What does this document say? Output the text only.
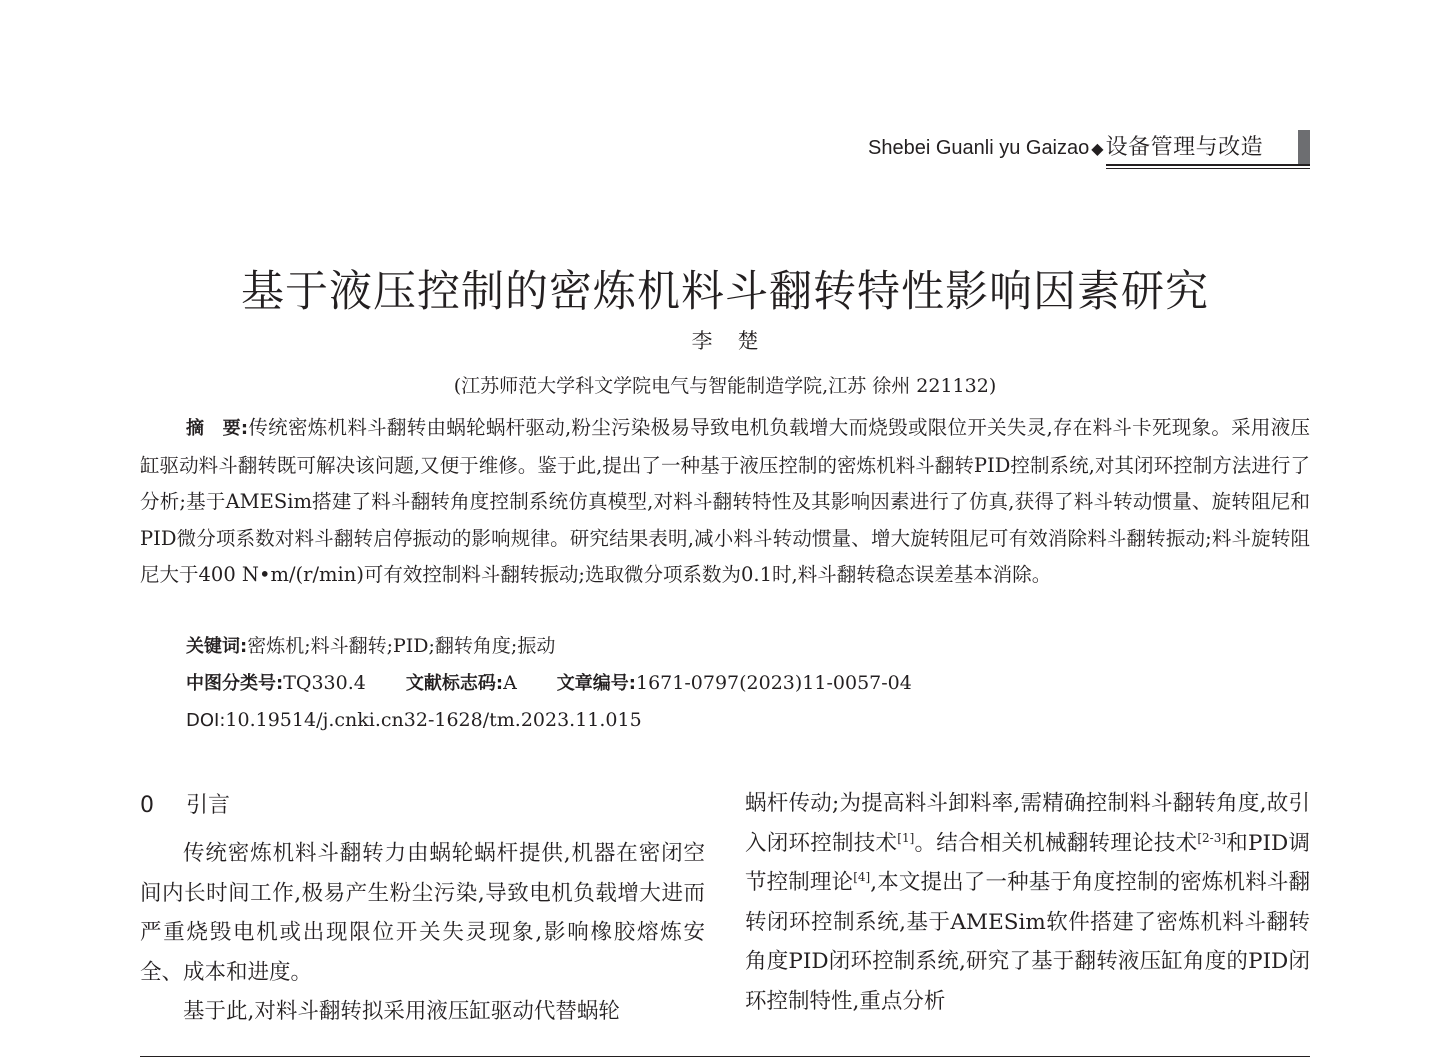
Shebei Guanli yu Gaizao ◆设备管理与改造
基于液压控制的密炼机料斗翻转特性影响因素研究
李楚
(江苏师范大学科文学院电气与智能制造学院,江苏 徐州 221132)
摘　要:传统密炼机料斗翻转由蜗轮蜗杆驱动,粉尘污染极易导致电机负载增大而烧毁或限位开关失灵,存在料斗卡死现象。采用液压缸驱动料斗翻转既可解决该问题,又便于维修。鉴于此,提出了一种基于液压控制的密炼机料斗翻转PID控制系统,对其闭环控制方法进行了分析;基于AMESim搭建了料斗翻转角度控制系统仿真模型,对料斗翻转特性及其影响因素进行了仿真,获得了料斗转动惯量、旋转阻尼和PID微分项系数对料斗翻转启停振动的影响规律。研究结果表明,减小料斗转动惯量、增大旋转阻尼可有效消除料斗翻转振动;料斗旋转阻尼大于400 N•m/(r/min)可有效控制料斗翻转振动;选取微分项系数为0.1时,料斗翻转稳态误差基本消除。
关键词:密炼机;料斗翻转;PID;翻转角度;振动
中图分类号:TQ330.4 文献标志码:A 文章编号:1671-0797(2023)11-0057-04
DOI:10.19514/j.cnki.cn32-1628/tm.2023.11.015
0 引言

传统密炼机料斗翻转力由蜗轮蜗杆提供,机器在密闭空间内长时间工作,极易产生粉尘污染,导致电机负载增大进而严重烧毁电机或出现限位开关失灵现象,影响橡胶熔炼安全、成本和进度。

基于此,对料斗翻转拟采用液压缸驱动代替蜗轮

蜗杆传动;为提高料斗卸料率,需精确控制料斗翻转角度,故引入闭环控制技术[1]。结合相关机械翻转理论技术[2-3]和PID调节控制理论[4],本文提出了一种基于角度控制的密炼机料斗翻转闭环控制系统,基于AMESim软件搭建了密炼机料斗翻转角度PID闭环控制系统,研究了基于翻转液压缸角度的PID闭环控制特性,重点分析
